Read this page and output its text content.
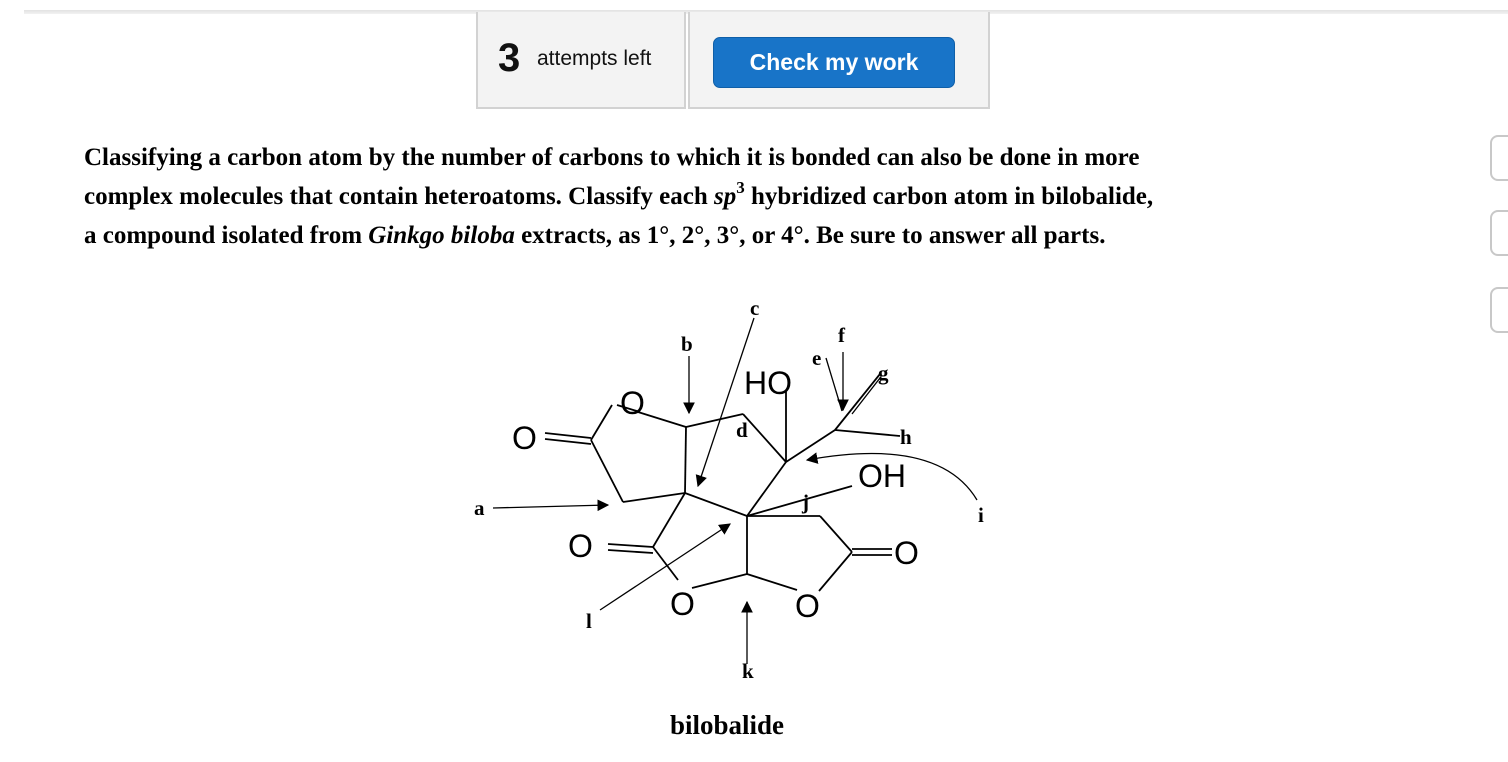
3 attempts left	Check my work
Classifying a carbon atom by the number of carbons to which it is bonded can also be done in more
complex molecules that contain heteroatoms. Classify each $sp^3$ hybridized carbon atom in bilobalide,
a compound isolated from Ginkgo biloba extracts, as 1°, 2°, 3°, or 4°. Be sure to answer all parts.
O
O
O
HO
OH
O
O	O
a
b
c
d
e
f
g
h
i
j
k
l
bilobalide
